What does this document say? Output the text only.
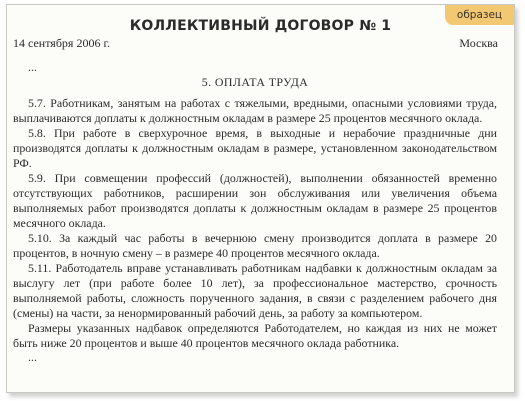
образец
КОЛЛЕКТИВНЫЙ ДОГОВОР № 1
14 сентября 2006 г.	Москва
...
5. ОПЛАТА ТРУДА

5.7. Работникам, занятым на работах с тяжелыми, вредными, опасными условиями труда, выплачиваются доплаты к должностным окладам в размере 25 процентов месячного оклада.

5.8. При работе в сверхурочное время, в выходные и нерабочие праздничные дни производятся доплаты к должностным окладам в размере, установленном законодательством РФ.

5.9. При совмещении профессий (должностей), выполнении обязанностей временно отсутствующих работников, расширении зон обслуживания или увеличения объема выполняемых работ производятся доплаты к должностным окладам в размере 25 процентов месячного оклада.

5.10. За каждый час работы в вечернюю смену производится доплата в размере 20 процентов, в ночную смену – в размере 40 процентов месячного оклада.

5.11. Работодатель вправе устанавливать работникам надбавки к должностным окладам за выслугу лет (при работе более 10 лет), за профессиональное мастерство, срочность выполняемой работы, сложность порученного задания, в связи с разделением рабочего дня (смены) на части, за ненормированный рабочий день, за работу за компьютером.

Размеры указанных надбавок определяются Работодателем, но каждая из них не может быть ниже 20 процентов и выше 40 процентов месячного оклада работника.

...
